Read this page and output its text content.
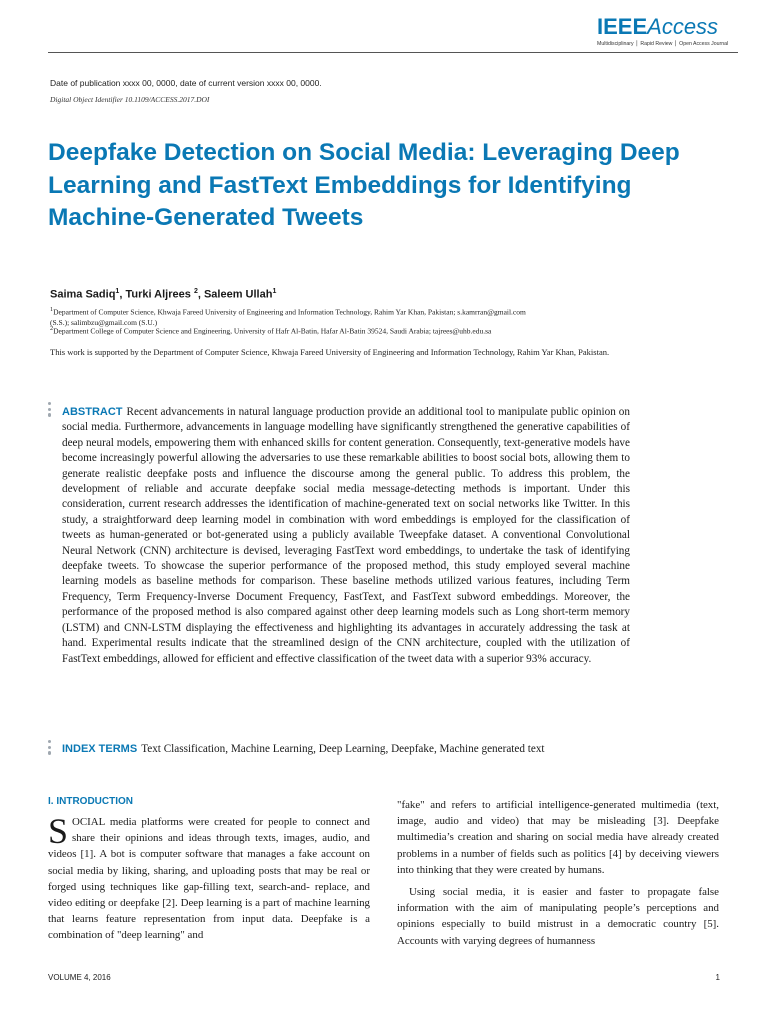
IEEEAccess
Multidisciplinary ⎪ Rapid Review ⎪ Open Access Journal
Date of publication xxxx 00, 0000, date of current version xxxx 00, 0000.
Digital Object Identifier 10.1109/ACCESS.2017.DOI
Deepfake Detection on Social Media: Leveraging Deep Learning and FastText Embeddings for Identifying Machine-Generated Tweets
Saima Sadiq$^1$, Turki Aljrees $^2$, Saleem Ullah$^1$
$^1$Department of Computer Science, Khwaja Fareed University of Engineering and Information Technology, Rahim Yar Khan, Pakistan; s.kamrran@gmail.com
(S.S.); salimbzu@gmail.com (S.U.)
$^2$Department College of Computer Science and Engineering, University of Hafr Al-Batin, Hafar Al-Batin 39524, Saudi Arabia; tajrees@uhb.edu.sa
This work is supported by the Department of Computer Science, Khwaja Fareed University of Engineering and Information Technology, Rahim Yar Khan, Pakistan.

ABSTRACT Recent advancements in natural language production provide an additional tool to manipulate public opinion on social media. Furthermore, advancements in language modelling have significantly strengthened the generative capabilities of deep neural models, empowering them with enhanced skills for content generation. Consequently, text-generative models have become increasingly powerful allowing the adversaries to use these remarkable abilities to boost social bots, allowing them to generate realistic deepfake posts and influence the discourse among the general public. To address this problem, the development of reliable and accurate deepfake social media message-detecting methods is important. Under this consideration, current research addresses the identification of machine-generated text on social networks like Twitter. In this study, a straightforward deep learning model in combination with word embeddings is employed for the classification of tweets as human-generated or bot-generated using a publicly available Tweepfake dataset. A conventional Convolutional Neural Network (CNN) architecture is devised, leveraging FastText word embeddings, to undertake the task of identifying deepfake tweets. To showcase the superior performance of the proposed method, this study employed several machine learning models as baseline methods for comparison. These baseline methods utilized various features, including Term Frequency, Term Frequency-Inverse Document Frequency, FastText, and FastText subword embeddings. Moreover, the performance of the proposed method is also compared against other deep learning models such as Long short-term memory (LSTM) and CNN-LSTM displaying the effectiveness and highlighting its advantages in accurately addressing the task at hand. Experimental results indicate that the streamlined design of the CNN architecture, coupled with the utilization of FastText embeddings, allowed for efficient and effective classification of the tweet data with a superior 93% accuracy.

INDEX TERMS Text Classification, Machine Learning, Deep Learning, Deepfake, Machine generated text

I. INTRODUCTION

SOCIAL media platforms were created for people to connect and share their opinions and ideas through texts, images, audio, and videos [1]. A bot is computer software that manages a fake account on social media by liking, sharing, and uploading posts that may be real or forged using techniques like gap-filling text, search-and- replace, and video editing or deepfake [2]. Deep learning is a part of machine learning that learns feature representation from input data. Deepfake is a combination of "deep learning" and

"fake" and refers to artificial intelligence-generated multimedia (text, image, audio and video) that may be misleading [3]. Deepfake multimedia’s creation and sharing on social media have already created problems in a number of fields such as politics [4] by deceiving viewers into thinking that they were created by humans.

Using social media, it is easier and faster to propagate false information with the aim of manipulating people’s perceptions and opinions especially to build mistrust in a democratic country [5]. Accounts with varying degrees of humanness

VOLUME 4, 2016	1
